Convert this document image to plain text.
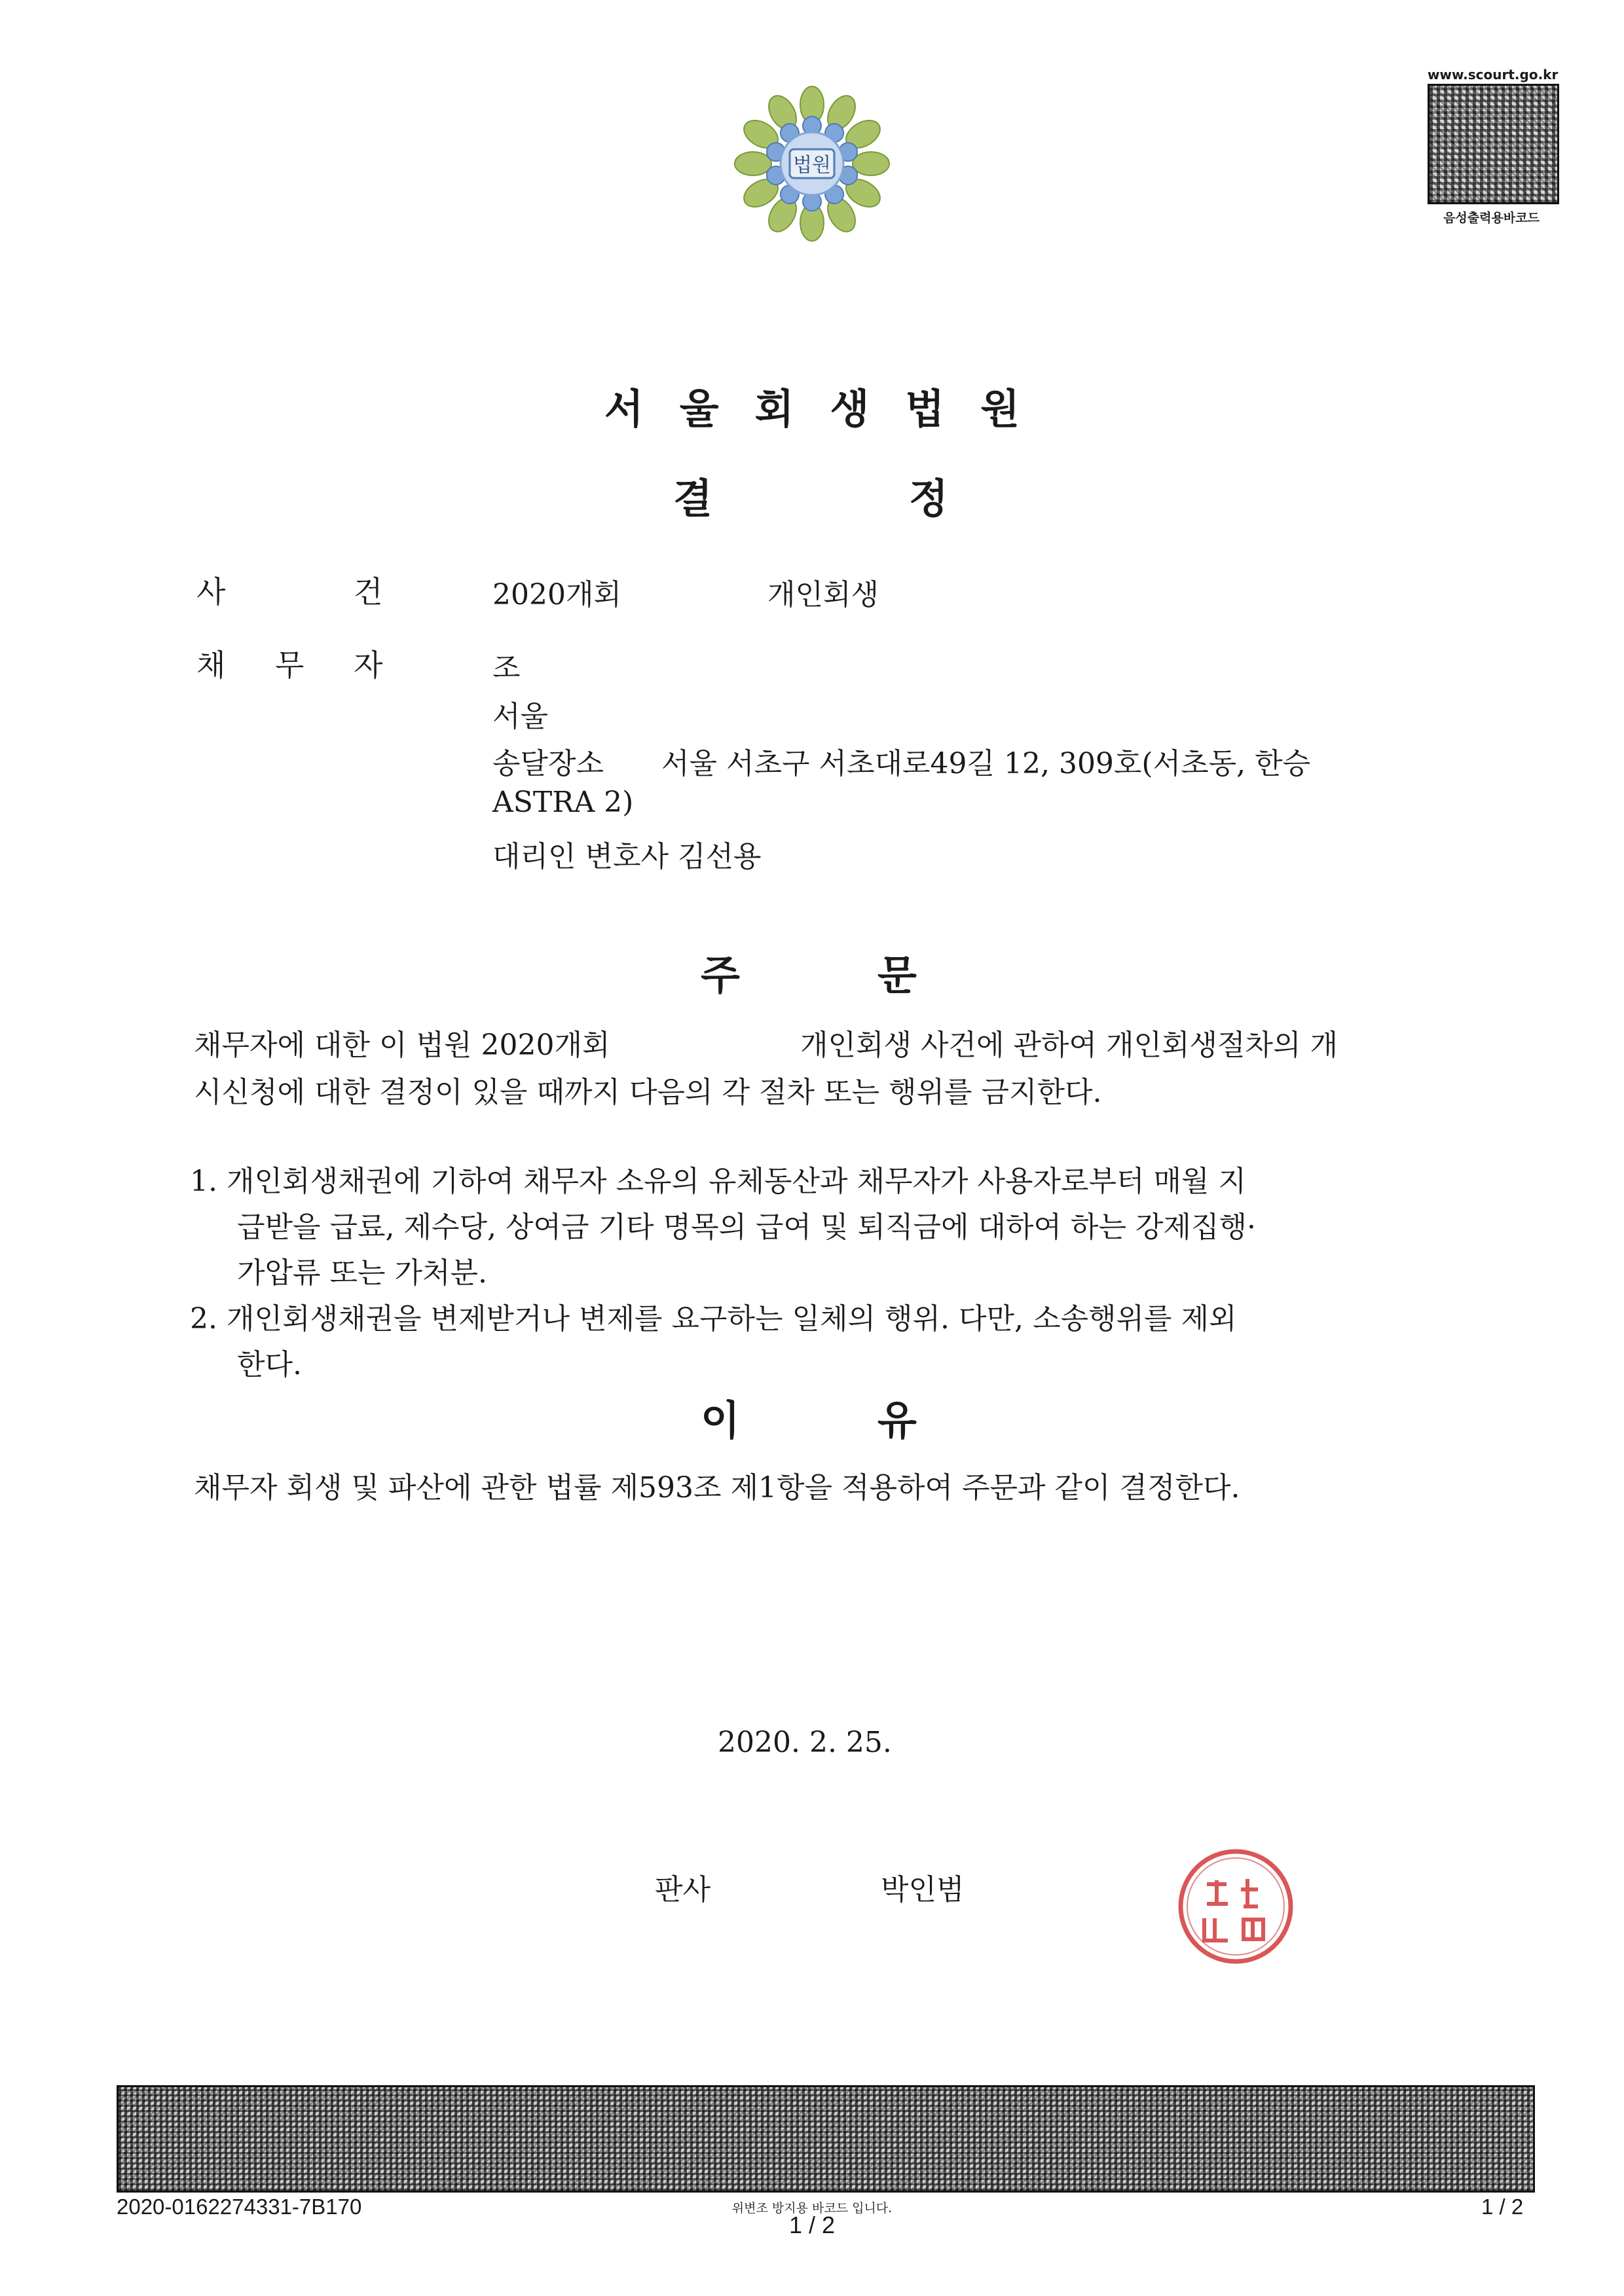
www.scourt.go.kr
음성출력용바코드
법원
서울회생법원
결	정
사	건	2020개회	개인회생
채 무 자	조
서울
송달장소 서울 서초구 서초대로49길 12, 309호(서초동, 한승
ASTRA 2)
대리인 변호사 김선용
주	문
채무자에 대한 이 법원 2020개회	개인회생 사건에 관하여 개인회생절차의 개
시신청에 대한 결정이 있을 때까지 다음의 각 절차 또는 행위를 금지한다.
1. 개인회생채권에 기하여 채무자 소유의 유체동산과 채무자가 사용자로부터 매월 지
급받을 급료, 제수당, 상여금 기타 명목의 급여 및 퇴직금에 대하여 하는 강제집행·
가압류 또는 가처분.
2. 개인회생채권을 변제받거나 변제를 요구하는 일체의 행위. 다만, 소송행위를 제외
한다.
이	유
채무자 회생 및 파산에 관한 법률 제593조 제1항을 적용하여 주문과 같이 결정한다.
2020. 2. 25.
판사	박인범
2020-0162274331-7B170	위변조 방지용 바코드 입니다.
1 / 2
1 / 2
